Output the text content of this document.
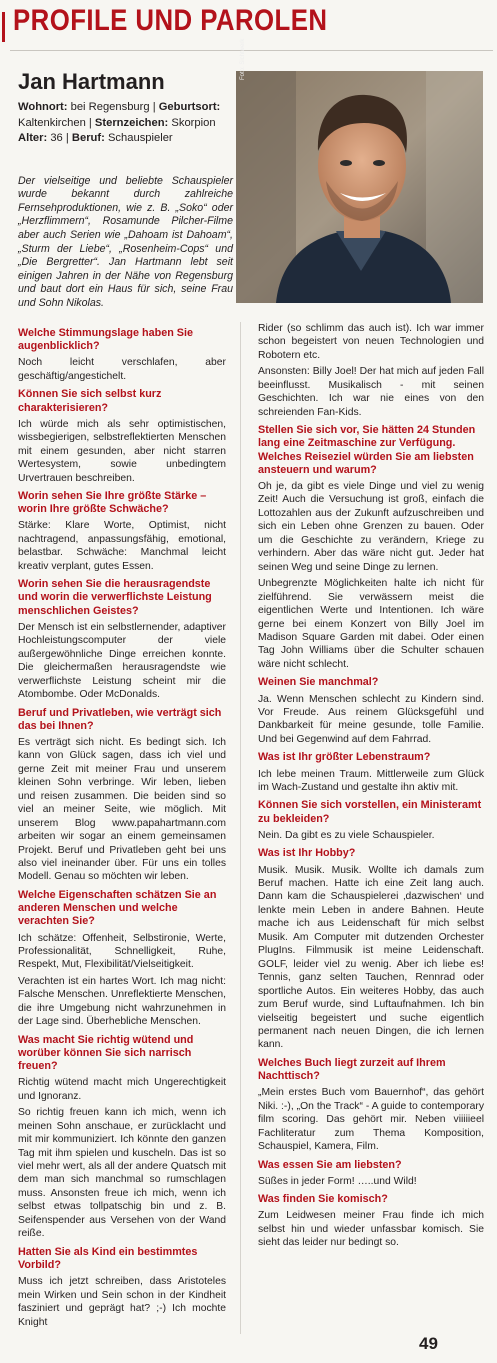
PROFILE UND PAROLEN
Jan Hartmann
Wohnort: bei Regensburg | Geburtsort:
Kaltenkirchen | Sternzeichen: Skorpion
Alter: 36 | Beruf: Schauspieler

Der vielseitige und beliebte Schauspieler wurde bekannt durch zahlreiche Fernsehproduktionen, wie z. B. „Soko“ oder „Herzflimmern“, Rosamunde Pilcher-Filme aber auch Serien wie „Dahoam ist Dahoam“, „Sturm der Liebe“, „Rosenheim-Cops“ und „Die Bergretter“. Jan Hartmann lebt seit einigen Jahren in der Nähe von Regensburg und baut dort ein Haus für sich, seine Frau und Sohn Nikolas.

Foto: Sichtwerk
Welche Stimmungslage haben Sie augenblicklich?

Noch leicht verschlafen, aber geschäftig/angestichelt.

Können Sie sich selbst kurz charakterisieren?

Ich würde mich als sehr optimistischen, wissbegierigen, selbstreflektierten Menschen mit einem gesunden, aber nicht starren Wertesystem, sowie unbedingtem Urvertrauen beschreiben.

Worin sehen Sie Ihre größte Stärke – worin Ihre größte Schwäche?

Stärke: Klare Worte, Optimist, nicht nachtragend, anpassungsfähig, emotional, belastbar. Schwäche: Manchmal leicht kreativ verplant, gutes Essen.

Worin sehen Sie die herausragendste und worin die verwerflichste Leistung menschlichen Geistes?

Der Mensch ist ein selbstlernender, adaptiver Hochleistungscomputer der viele außergewöhnliche Dinge erreichen konnte. Die gleichermaßen herausragendste wie verwerflichste Leistung scheint mir die Atombombe. Oder McDonalds.

Beruf und Privatleben, wie verträgt sich das bei Ihnen?

Es verträgt sich nicht. Es bedingt sich. Ich kann von Glück sagen, dass ich viel und gerne Zeit mit meiner Frau und unserem kleinen Sohn verbringe. Wir leben, lieben und reisen zusammen. Die beiden sind so viel an meiner Seite, wie möglich. Mit unserem Blog www.papahartmann.com arbeiten wir sogar an einem gemeinsamen Projekt. Beruf und Privatleben geht bei uns also viel ineinander über. Für uns ein tolles Modell. Genau so möchten wir leben.

Welche Eigenschaften schätzen Sie an anderen Menschen und welche verachten Sie?

Ich schätze: Offenheit, Selbstironie, Werte, Professionalität, Schnelligkeit, Ruhe, Respekt, Mut, Flexibilität/Vielseitigkeit.

Verachten ist ein hartes Wort. Ich mag nicht: Falsche Menschen. Unreflektierte Menschen, die ihre Umgebung nicht wahrzunehmen in der Lage sind. Überhebliche Menschen.

Was macht Sie richtig wütend und worüber können Sie sich narrisch freuen?

Richtig wütend macht mich Ungerechtigkeit und Ignoranz.

So richtig freuen kann ich mich, wenn ich meinen Sohn anschaue, er zurücklacht und mit mir kommuniziert. Ich könnte den ganzen Tag mit ihm spielen und kuscheln. Das ist so viel mehr wert, als all der andere Quatsch mit dem man sich manchmal so rumschlagen muss. Ansonsten freue ich mich, wenn ich selbst etwas tollpatschig bin und z. B. Seifenspender aus Versehen von der Wand reiße.

Hatten Sie als Kind ein bestimmtes Vorbild?

Muss ich jetzt schreiben, dass Aristoteles mein Wirken und Sein schon in der Kindheit fasziniert und geprägt hat? ;-) Ich mochte Knight

Rider (so schlimm das auch ist). Ich war immer schon begeistert von neuen Technologien und Robotern etc.

Ansonsten: Billy Joel! Der hat mich auf jeden Fall beeinflusst. Musikalisch - mit seinen Geschichten. Ich war nie eines von den schreienden Fan-Kids.

Stellen Sie sich vor, Sie hätten 24 Stunden lang eine Zeitmaschine zur Verfügung. Welches Reiseziel würden Sie am liebsten ansteuern und warum?

Oh je, da gibt es viele Dinge und viel zu wenig Zeit! Auch die Versuchung ist groß, einfach die Lottozahlen aus der Zukunft aufzuschreiben und sich ein Leben ohne Grenzen zu bauen. Oder um die Geschichte zu verändern, Kriege zu verhindern. Aber das wäre nicht gut. Jeder hat seinen Weg und seine Dinge zu lernen.

Unbegrenzte Möglichkeiten halte ich nicht für zielführend. Sie verwässern meist die eigentlichen Werte und Intentionen. Ich wäre gerne bei einem Konzert von Billy Joel im Madison Square Garden mit dabei. Oder einen Tag John Williams über die Schulter schauen wäre nicht schlecht.

Weinen Sie manchmal?

Ja. Wenn Menschen schlecht zu Kindern sind. Vor Freude. Aus reinem Glücksgefühl und Dankbarkeit für meine gesunde, tolle Familie. Und bei Gegenwind auf dem Fahrrad.

Was ist Ihr größter Lebenstraum?

Ich lebe meinen Traum. Mittlerweile zum Glück im Wach-Zustand und gestalte ihn aktiv mit.

Können Sie sich vorstellen, ein Ministeramt zu bekleiden?

Nein. Da gibt es zu viele Schauspieler.

Was ist Ihr Hobby?

Musik. Musik. Musik. Wollte ich damals zum Beruf machen. Hatte ich eine Zeit lang auch. Dann kam die Schauspielerei ‚dazwischen‘ und lenkte mein Leben in andere Bahnen. Heute mache ich aus Leidenschaft für mich selbst Musik. Am Computer mit dutzenden Orchester PlugIns. Filmmusik ist meine Leidenschaft. GOLF, leider viel zu wenig. Aber ich liebe es! Tennis, ganz selten Tauchen, Rennrad oder sportliche Autos. Ein weiteres Hobby, das auch zum Beruf wurde, sind Luftaufnahmen. Ich bin vielseitig begeistert und suche eigentlich permanent nach neuen Dingen, die ich lernen kann.

Welches Buch liegt zurzeit auf Ihrem Nachttisch?

„Mein erstes Buch vom Bauernhof“, das gehört Niki. :-), „On the Track“ - A guide to contemporary film scoring. Das gehört mir. Neben viiiiieel Fachliteratur zum Thema Komposition, Schauspiel, Kamera, Film.

Was essen Sie am liebsten?

Süßes in jeder Form! …..und Wild!

Was finden Sie komisch?

Zum Leidwesen meiner Frau finde ich mich selbst hin und wieder unfassbar komisch. Sie sieht das leider nur bedingt so.

49
